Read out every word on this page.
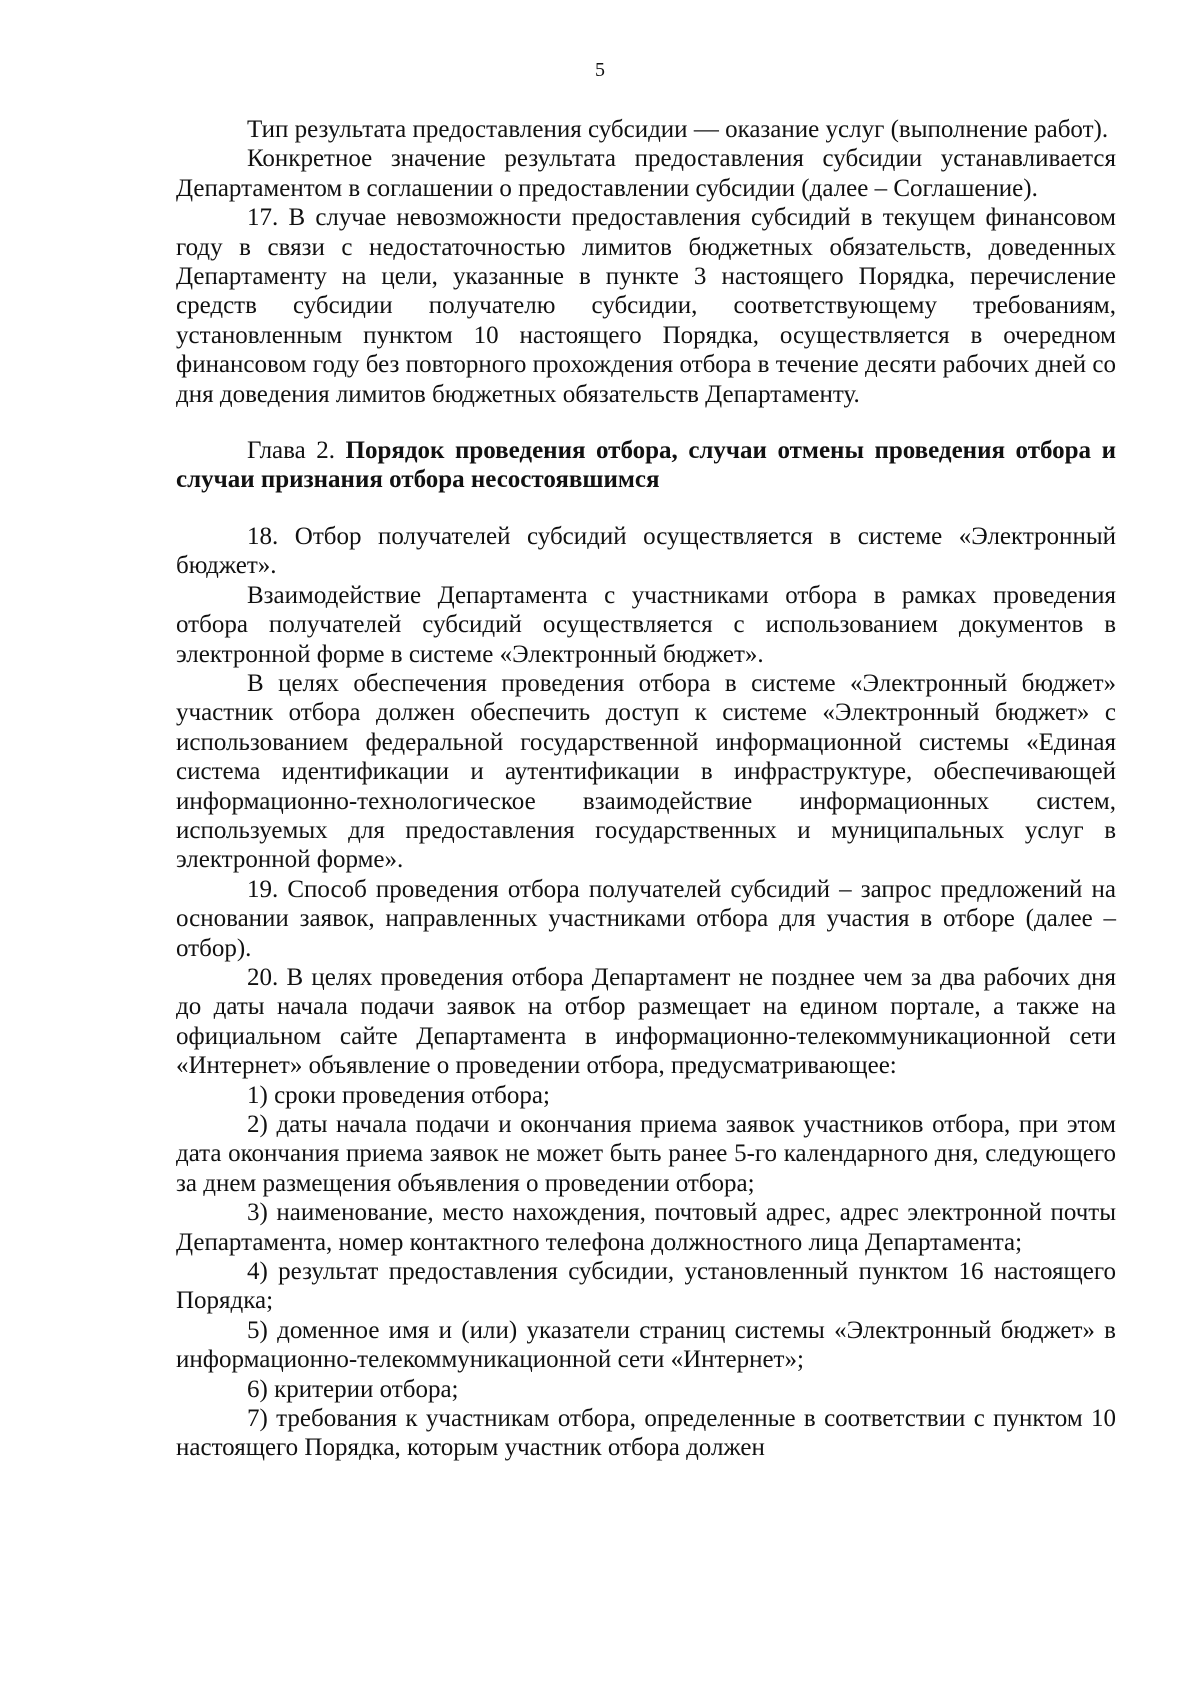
5

Тип результата предоставления субсидии — оказание услуг (выполнение работ).

Конкретное значение результата предоставления субсидии устанавливается Департаментом в соглашении о предоставлении субсидии (далее – Соглашение).

17. В случае невозможности предоставления субсидий в текущем финансовом году в связи с недостаточностью лимитов бюджетных обязательств, доведенных Департаменту на цели, указанные в пункте 3 настоящего Порядка, перечисление средств субсидии получателю субсидии, соответствующему требованиям, установленным пунктом 10 настоящего Порядка, осуществляется в очередном финансовом году без повторного прохождения отбора в течение десяти рабочих дней со дня доведения лимитов бюджетных обязательств Департаменту.

Глава 2. Порядок проведения отбора, случаи отмены проведения отбора и случаи признания отбора несостоявшимся

18. Отбор получателей субсидий осуществляется в системе «Электронный бюджет».

Взаимодействие Департамента с участниками отбора в рамках проведения отбора получателей субсидий осуществляется с использованием документов в электронной форме в системе «Электронный бюджет».

В целях обеспечения проведения отбора в системе «Электронный бюджет» участник отбора должен обеспечить доступ к системе «Электронный бюджет» с использованием федеральной государственной информационной системы «Единая система идентификации и аутентификации в инфраструктуре, обеспечивающей информационно-технологическое взаимодействие информационных систем, используемых для предоставления государственных и муниципальных услуг в электронной форме».

19. Способ проведения отбора получателей субсидий – запрос предложений на основании заявок, направленных участниками отбора для участия в отборе (далее – отбор).

20. В целях проведения отбора Департамент не позднее чем за два рабочих дня до даты начала подачи заявок на отбор размещает на едином портале, а также на официальном сайте Департамента в информационно-телекоммуникационной сети «Интернет» объявление о проведении отбора, предусматривающее:

1) сроки проведения отбора;

2) даты начала подачи и окончания приема заявок участников отбора, при этом дата окончания приема заявок не может быть ранее 5-го календарного дня, следующего за днем размещения объявления о проведении отбора;

3) наименование, место нахождения, почтовый адрес, адрес электронной почты Департамента, номер контактного телефона должностного лица Департамента;

4) результат предоставления субсидии, установленный пунктом 16 настоящего Порядка;

5) доменное имя и (или) указатели страниц системы «Электронный бюджет» в информационно-телекоммуникационной сети «Интернет»;

6) критерии отбора;

7) требования к участникам отбора, определенные в соответствии с пунктом 10 настоящего Порядка, которым участник отбора должен
